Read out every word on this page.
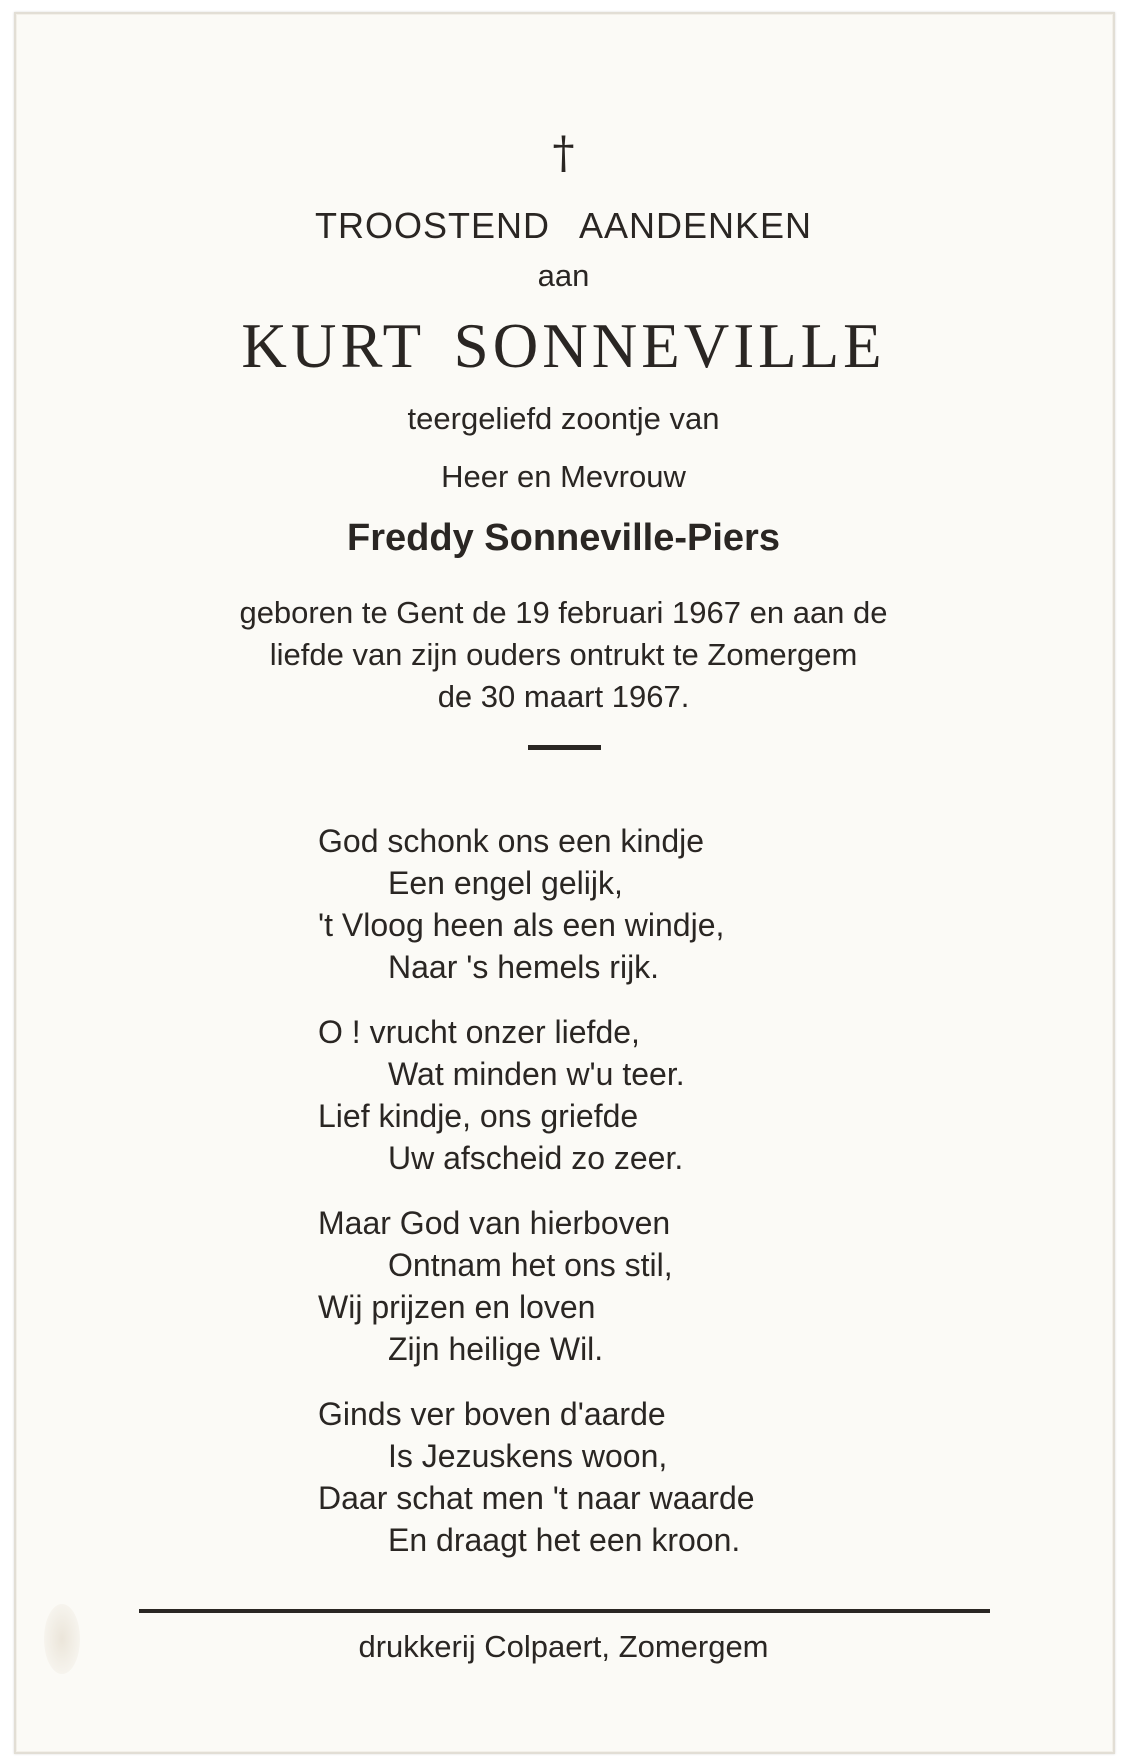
†
TROOSTEND AANDENKEN
aan
KURT SONNEVILLE
teergeliefd zoontje van
Heer en Mevrouw
Freddy Sonneville-Piers
geboren te Gent de 19 februari 1967 en aan de
liefde van zijn ouders ontrukt te Zomergem
de 30 maart 1967.
God schonk ons een kindje
Een engel gelijk,
't Vloog heen als een windje,
Naar 's hemels rijk.
O ! vrucht onzer liefde,
Wat minden w'u teer.
Lief kindje, ons griefde
Uw afscheid zo zeer.
Maar God van hierboven
Ontnam het ons stil,
Wij prijzen en loven
Zijn heilige Wil.
Ginds ver boven d'aarde
Is Jezuskens woon,
Daar schat men 't naar waarde
En draagt het een kroon.
drukkerij Colpaert, Zomergem
